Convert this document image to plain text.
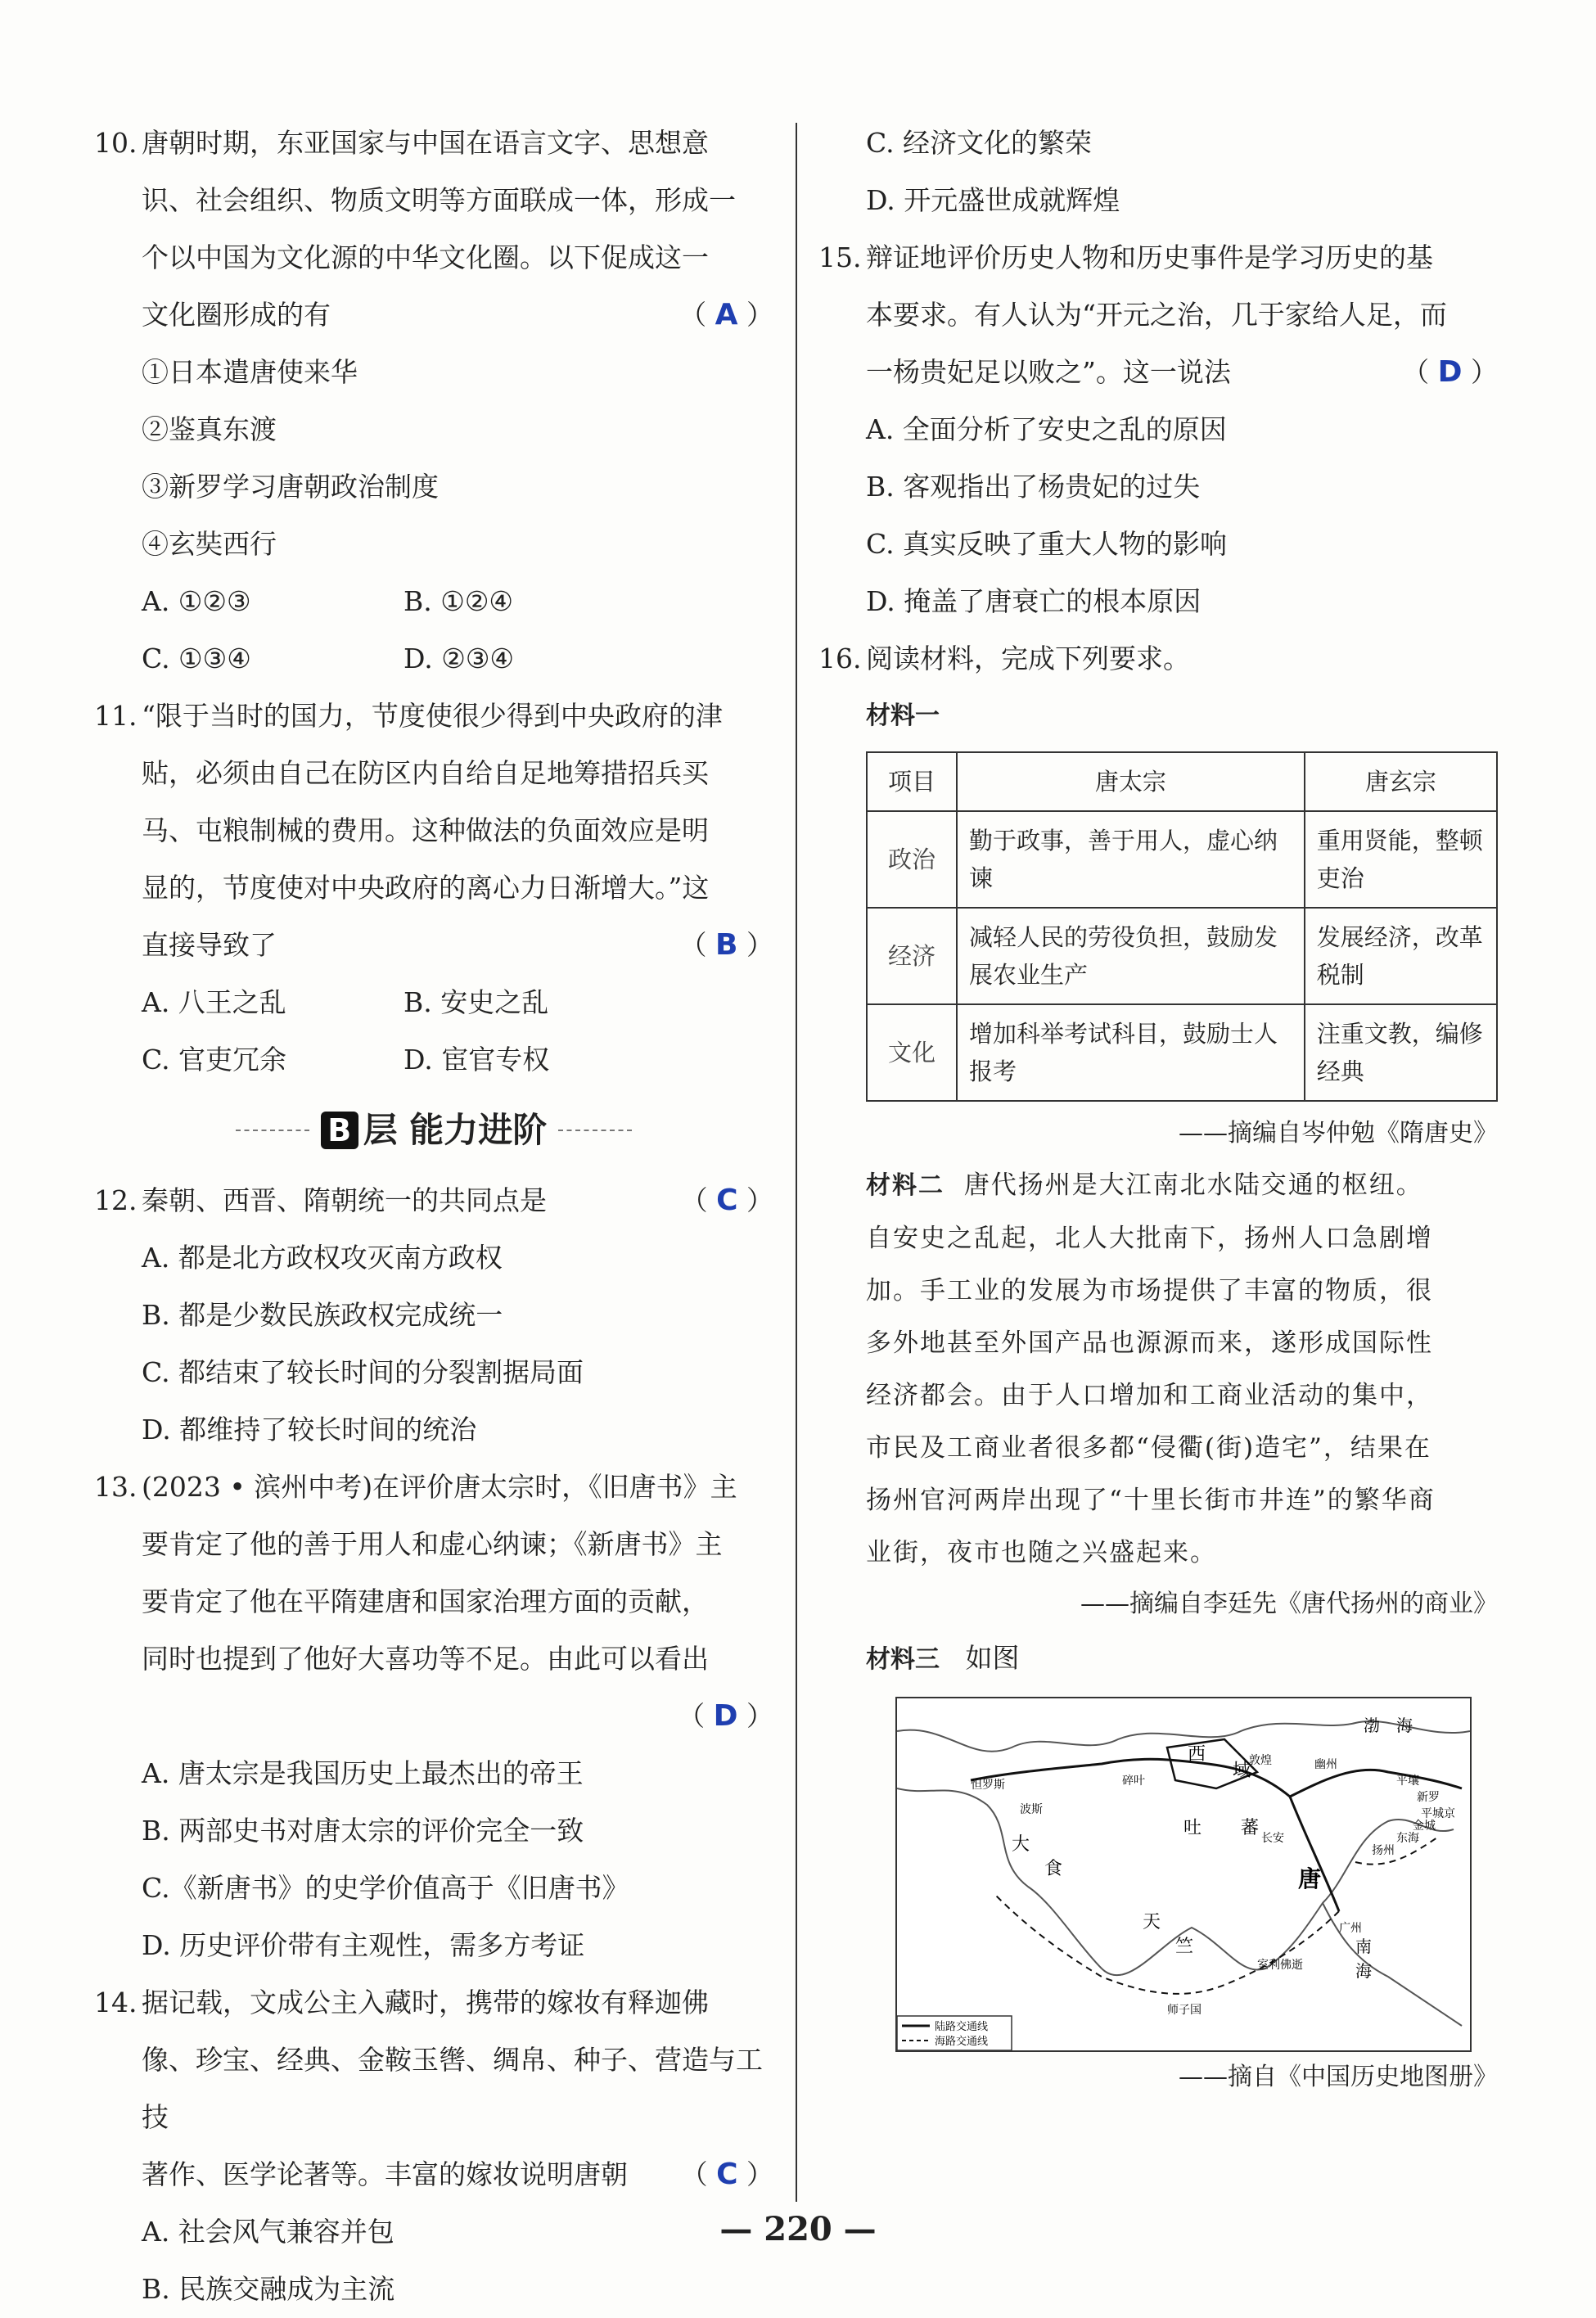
10. 唐朝时期，东亚国家与中国在语言文字、思想意
识、社会组织、物质文明等方面联成一体，形成一
个以中国为文化源的中华文化圈。以下促成这一
文化圈形成的有	（ A ）
①日本遣唐使来华
②鉴真东渡
③新罗学习唐朝政治制度
④玄奘西行
A. ①②③	B. ①②④
C. ①③④	D. ②③④
11. “限于当时的国力，节度使很少得到中央政府的津
贴，必须由自己在防区内自给自足地筹措招兵买
马、屯粮制械的费用。这种做法的负面效应是明
显的，节度使对中央政府的离心力日渐增大。”这
直接导致了	（ B ）
A. 八王之乱	B. 安史之乱
C. 官吏冗余	D. 宦官专权
B 层 能力进阶
12. 秦朝、西晋、隋朝统一的共同点是	（ C ）
A. 都是北方政权攻灭南方政权
B. 都是少数民族政权完成统一
C. 都结束了较长时间的分裂割据局面
D. 都维持了较长时间的统治
13. (2023 • 滨州中考)在评价唐太宗时，《旧唐书》主
要肯定了他的善于用人和虚心纳谏；《新唐书》主
要肯定了他在平隋建唐和国家治理方面的贡献，
同时也提到了他好大喜功等不足。由此可以看出
（ D ）
A. 唐太宗是我国历史上最杰出的帝王
B. 两部史书对唐太宗的评价完全一致
C.《新唐书》的史学价值高于《旧唐书》
D. 历史评价带有主观性，需多方考证
14. 据记载，文成公主入藏时，携带的嫁妆有释迦佛
像、珍宝、经典、金鞍玉辔、绸帛、种子、营造与工技
著作、医学论著等。丰富的嫁妆说明唐朝 （ C ）
A. 社会风气兼容并包
B. 民族交融成为主流
C. 经济文化的繁荣
D. 开元盛世成就辉煌
15. 辩证地评价历史人物和历史事件是学习历史的基
本要求。有人认为“开元之治，几于家给人足，而
一杨贵妃足以败之”。这一说法	（ D ）
A. 全面分析了安史之乱的原因
B. 客观指出了杨贵妃的过失
C. 真实反映了重大人物的影响
D. 掩盖了唐衰亡的根本原因
16. 阅读材料，完成下列要求。
材料一
项目	唐太宗	唐玄宗
政治	勤于政事，善于用人，虚心纳谏	重用贤能，整顿吏治
经济	减轻人民的劳役负担，鼓励发展农业生产	发展经济，改革税制
文化	增加科举考试科目，鼓励士人报考	注重文教，编修经典
——摘编自岑仲勉《隋唐史》
材料二 唐代扬州是大江南北水陆交通的枢纽。
自安史之乱起，北人大批南下，扬州人口急剧增
加。手工业的发展为市场提供了丰富的物质，很
多外地甚至外国产品也源源而来，遂形成国际性
经济都会。由于人口增加和工商业活动的集中，
市民及工商业者很多都“侵衢(街)造宅”，结果在
扬州官河两岸出现了“十里长街市井连”的繁华商
业街，夜市也随之兴盛起来。
——摘编自李廷先《唐代扬州的商业》
材料三 如图
西
域
吐 蕃
唐
大
食
天
竺
渤 海
南
海
长安
敦煌	幽州
扬州
平壤
新罗
平城京
东海
金城
广州
波斯
怛罗斯	碎叶
师子国
室利佛逝
陆路交通线
海路交通线
——摘自《中国历史地图册》
— 220 —
